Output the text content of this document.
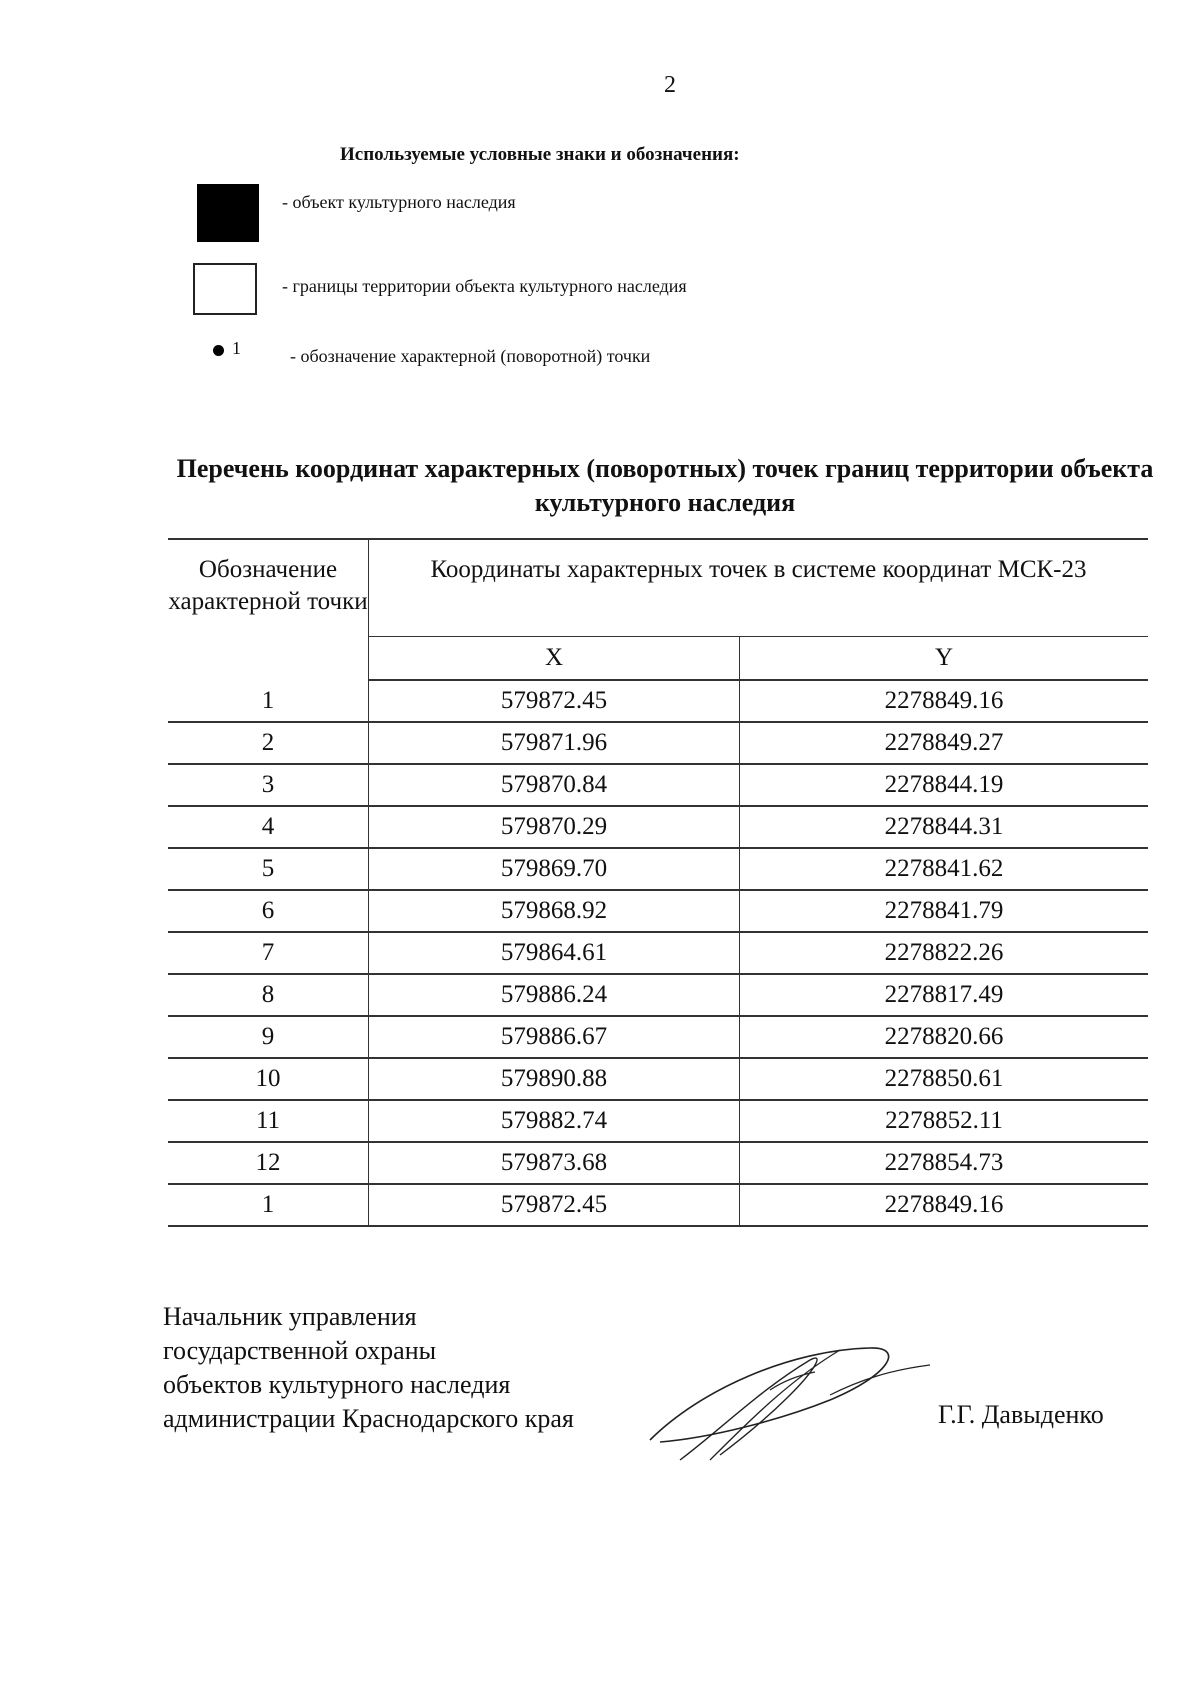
2
Используемые условные знаки и обозначения:
- объект культурного наследия
- границы территории объекта культурного наследия
1	- обозначение характерной (поворотной) точки
Перечень координат характерных (поворотных) точек границ территории объекта культурного наследия
Обозначение характерной точки	Координаты характерных точек в системе координат МСК-23	
	X	Y
1	579872.45	2278849.16
2	579871.96	2278849.27
3	579870.84	2278844.19
4	579870.29	2278844.31
5	579869.70	2278841.62
6	579868.92	2278841.79
7	579864.61	2278822.26
8	579886.24	2278817.49
9	579886.67	2278820.66
10	579890.88	2278850.61
11	579882.74	2278852.11
12	579873.68	2278854.73
1	579872.45	2278849.16
Начальник управления
государственной охраны
объектов культурного наследия
администрации Краснодарского края	Г.Г. Давыденко
